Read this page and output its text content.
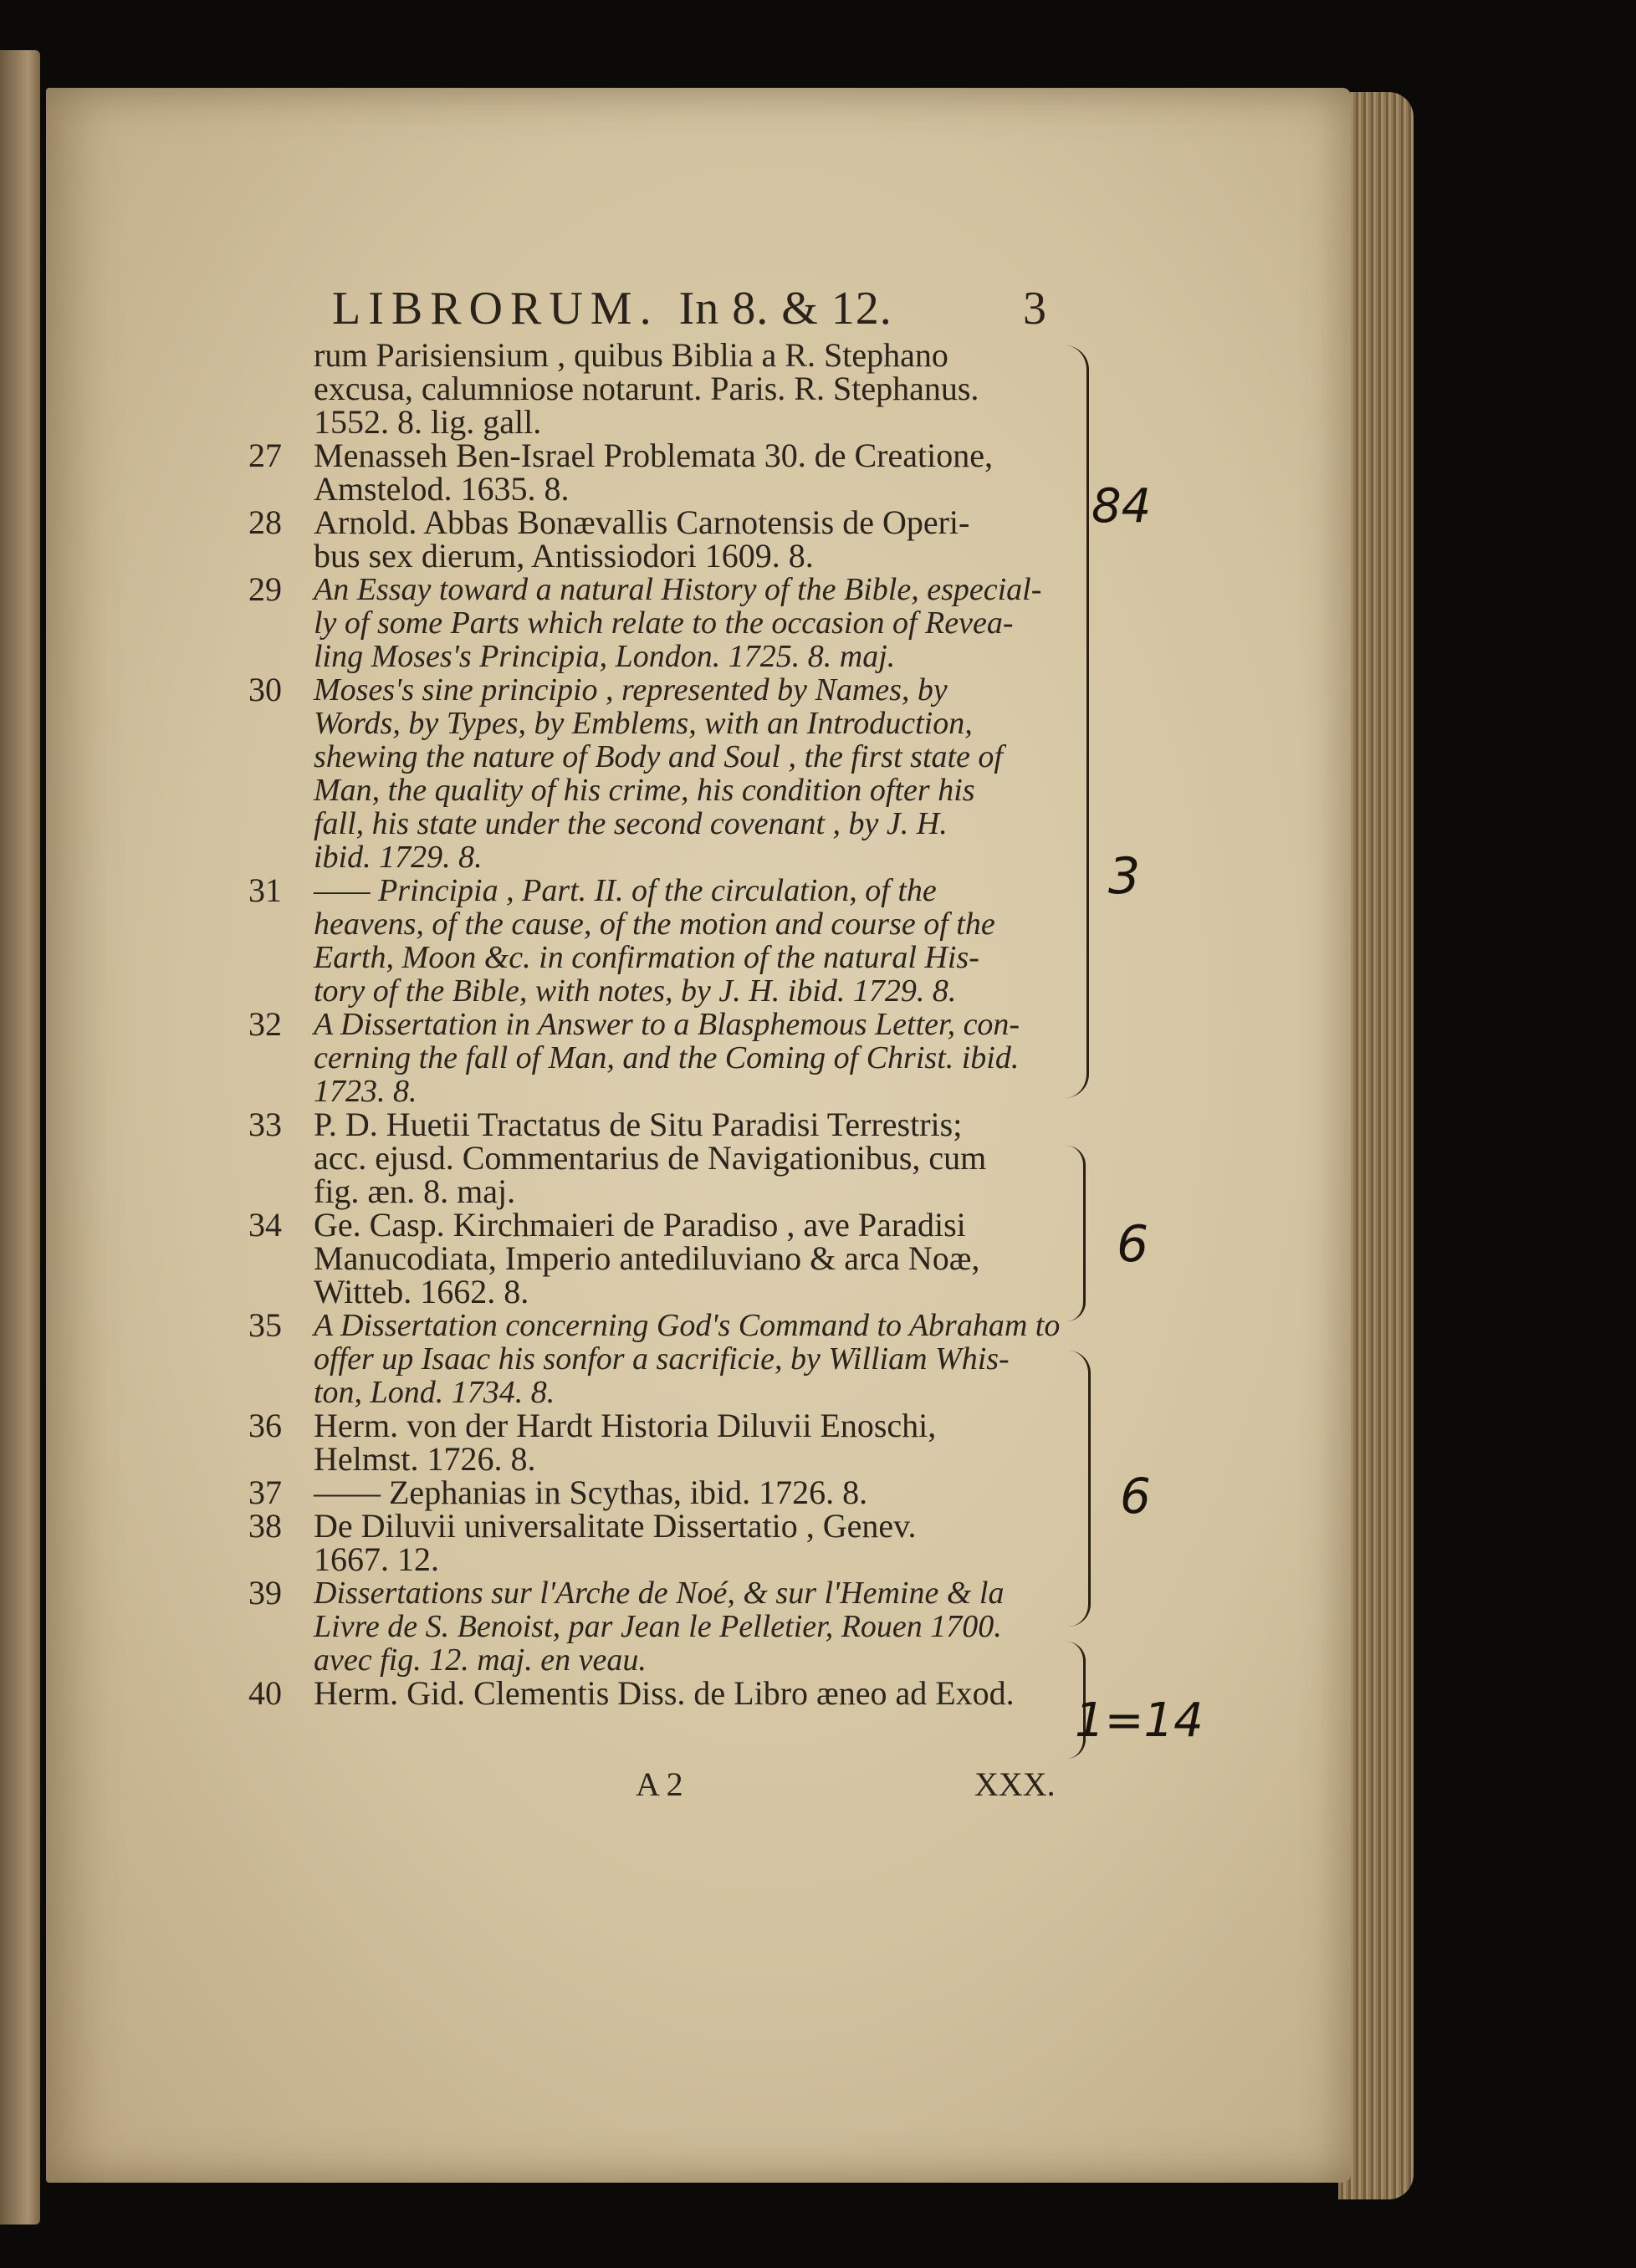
LIBRORUM. In 8. & 12.	3
rum Parisiensium , quibus Biblia a R. Stephano
excusa, calumniose notarunt. Paris. R. Stephanus.
1552. 8. lig. gall.
27 Menasseh Ben-Israel Problemata 30. de Creatione,
Amstelod. 1635. 8.
28 Arnold. Abbas Bonævallis Carnotensis de Operi-
bus sex dierum, Antissiodori 1609. 8.
29	An Essay toward a natural History of the Bible, especial-
ly of some Parts which relate to the occasion of Revea-
ling Moses's Principia, London. 1725. 8. maj.
30	Moses's sine principio , represented by Names, by
Words, by Types, by Emblems, with an Introduction,
shewing the nature of Body and Soul , the first state of
Man, the quality of his crime, his condition ofter his
fall, his state under the second covenant , by J. H.
ibid. 1729. 8.
31	—— Principia , Part. II. of the circulation, of the
heavens, of the cause, of the motion and course of the
Earth, Moon &c. in confirmation of the natural His-
tory of the Bible, with notes, by J. H. ibid. 1729. 8.
32	A Dissertation in Answer to a Blasphemous Letter, con-
cerning the fall of Man, and the Coming of Christ. ibid.
1723. 8.
33 P. D. Huetii Tractatus de Situ Paradisi Terrestris;
acc. ejusd. Commentarius de Navigationibus, cum
fig. æn. 8. maj.
34 Ge. Casp. Kirchmaieri de Paradiso , ave Paradisi
Manucodiata, Imperio antediluviano & arca Noæ,
Witteb. 1662. 8.
35	A Dissertation concerning God's Command to Abraham to
offer up Isaac his sonfor a sacrificie, by William Whis-
ton, Lond. 1734. 8.
36 Herm. von der Hardt Historia Diluvii Enoschi,
Helmst. 1726. 8.
37 —— Zephanias in Scythas, ibid. 1726. 8.
38 De Diluvii universalitate Dissertatio , Genev.
1667. 12.
39	Dissertations sur l'Arche de Noé, & sur l'Hemine & la
Livre de S. Benoist, par Jean le Pelletier, Rouen 1700.
avec fig. 12. maj. en veau.
40 Herm. Gid. Clementis Diss. de Libro æneo ad Exod.
A 2	XXX.
84
3
6
6
1=14
